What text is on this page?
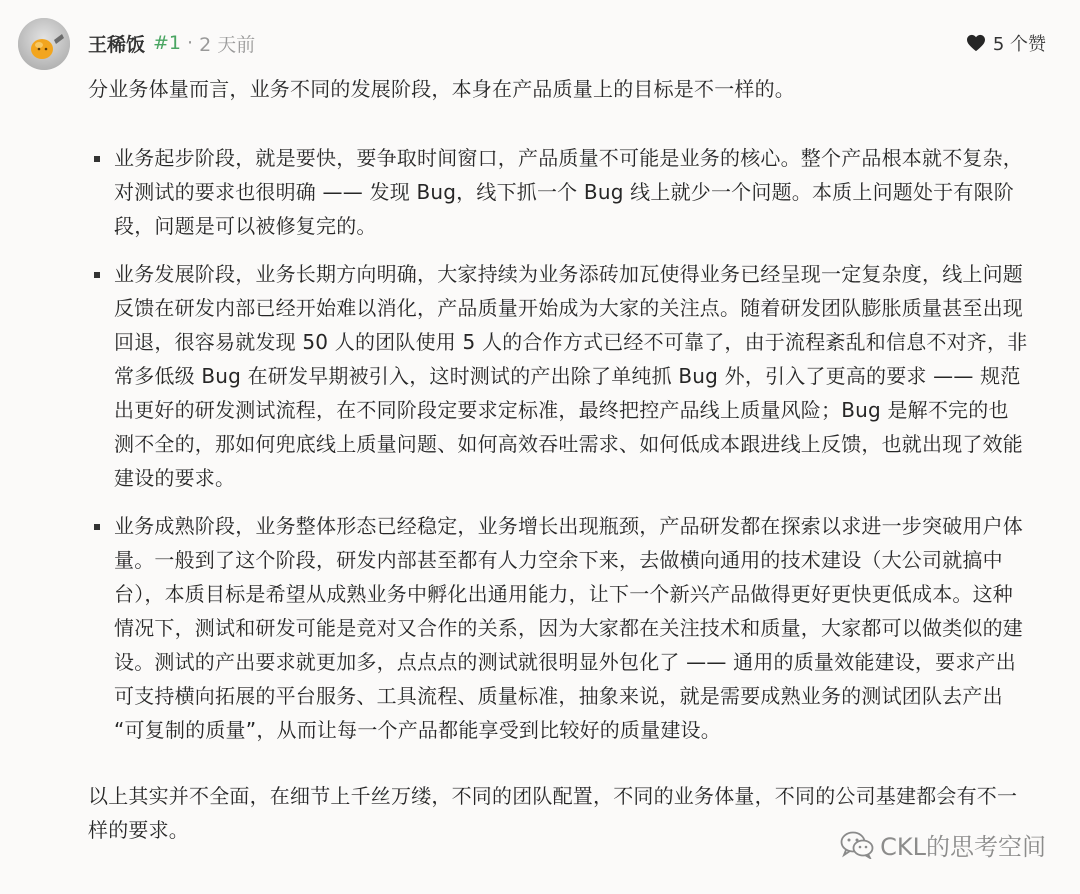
王稀饭 #1 · 2 天前	5 个赞

分业务体量而言，业务不同的发展阶段，本身在产品质量上的目标是不一样的。

业务起步阶段，就是要快，要争取时间窗口，产品质量不可能是业务的核心。整个产品根本就不复杂，对测试的要求也很明确 —— 发现 Bug，线下抓一个 Bug 线上就少一个问题。本质上问题处于有限阶段，问题是可以被修复完的。
业务发展阶段，业务长期方向明确，大家持续为业务添砖加瓦使得业务已经呈现一定复杂度，线上问题反馈在研发内部已经开始难以消化，产品质量开始成为大家的关注点。随着研发团队膨胀质量甚至出现回退，很容易就发现 50 人的团队使用 5 人的合作方式已经不可靠了，由于流程紊乱和信息不对齐，非常多低级 Bug 在研发早期被引入，这时测试的产出除了单纯抓 Bug 外，引入了更高的要求 —— 规范出更好的研发测试流程，在不同阶段定要求定标准，最终把控产品线上质量风险；Bug 是解不完的也测不全的，那如何兜底线上质量问题、如何高效吞吐需求、如何低成本跟进线上反馈，也就出现了效能建设的要求。
业务成熟阶段，业务整体形态已经稳定，业务增长出现瓶颈，产品研发都在探索以求进一步突破用户体量。一般到了这个阶段，研发内部甚至都有人力空余下来，去做横向通用的技术建设（大公司就搞中台），本质目标是希望从成熟业务中孵化出通用能力，让下一个新兴产品做得更好更快更低成本。这种情况下，测试和研发可能是竞对又合作的关系，因为大家都在关注技术和质量，大家都可以做类似的建设。测试的产出要求就更加多，点点点的测试就很明显外包化了 —— 通用的质量效能建设，要求产出可支持横向拓展的平台服务、工具流程、质量标准，抽象来说，就是需要成熟业务的测试团队去产出 “可复制的质量”，从而让每一个产品都能享受到比较好的质量建设。

以上其实并不全面，在细节上千丝万缕，不同的团队配置，不同的业务体量，不同的公司基建都会有不一样的要求。

CKL的思考空间
